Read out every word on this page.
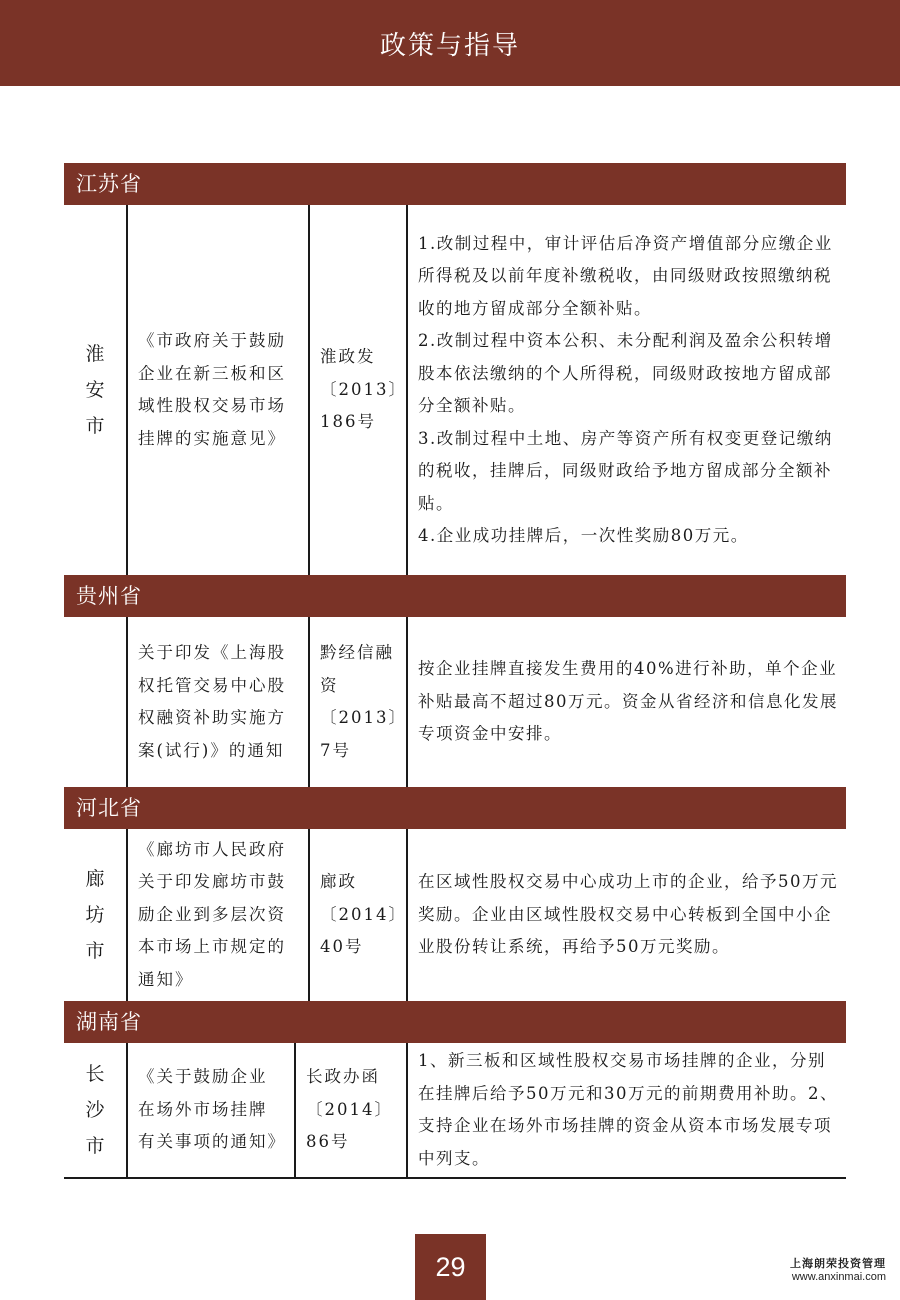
政策与指导
江苏省
淮安市
《市政府关于鼓励企业在新三板和区域性股权交易市场挂牌的实施意见》
淮政发〔2013〕186号
1.改制过程中，审计评估后净资产增值部分应缴企业所得税及以前年度补缴税收，由同级财政按照缴纳税收的地方留成部分全额补贴。
2.改制过程中资本公积、未分配利润及盈余公积转增股本依法缴纳的个人所得税，同级财政按地方留成部分全额补贴。
3.改制过程中土地、房产等资产所有权变更登记缴纳的税收，挂牌后，同级财政给予地方留成部分全额补贴。
4.企业成功挂牌后，一次性奖励80万元。
贵州省
关于印发《上海股权托管交易中心股权融资补助实施方案(试行)》的通知
黔经信融资〔2013〕7号
按企业挂牌直接发生费用的40%进行补助，单个企业补贴最高不超过80万元。资金从省经济和信息化发展专项资金中安排。
河北省
廊坊市
《廊坊市人民政府关于印发廊坊市鼓励企业到多层次资本市场上市规定的通知》
廊政〔2014〕40号
在区域性股权交易中心成功上市的企业，给予50万元奖励。企业由区域性股权交易中心转板到全国中小企业股份转让系统，再给予50万元奖励。
湖南省
长沙市
《关于鼓励企业在场外市场挂牌有关事项的通知》
长政办函〔2014〕86号
1、新三板和区域性股权交易市场挂牌的企业，分别在挂牌后给予50万元和30万元的前期费用补助。2、支持企业在场外市场挂牌的资金从资本市场发展专项中列支。
29	上海朗荣投资管理
www.anxinmai.com
